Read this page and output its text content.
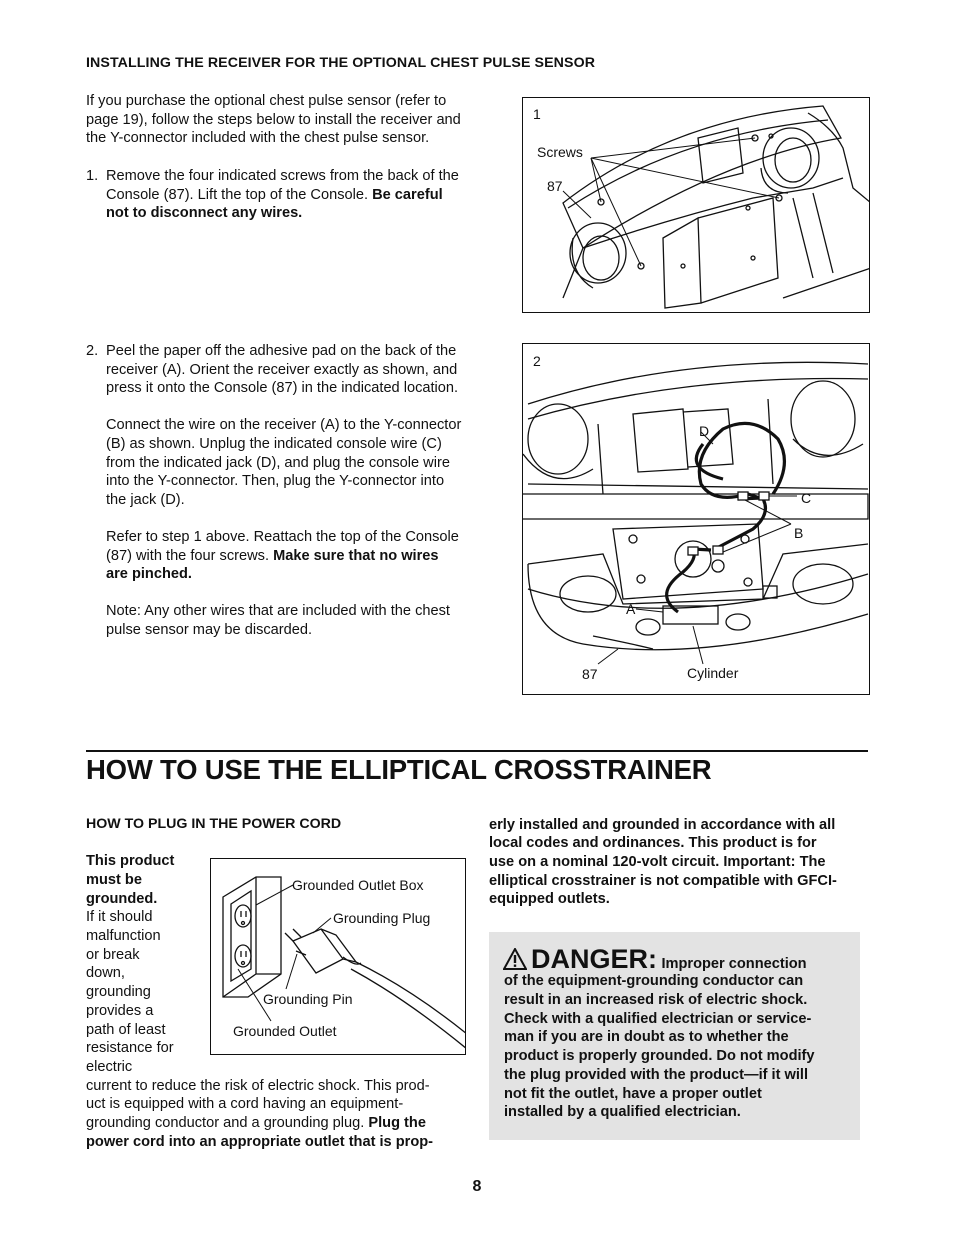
INSTALLING THE RECEIVER FOR THE OPTIONAL CHEST PULSE SENSOR
If you purchase the optional chest pulse sensor (refer to
page 19), follow the steps below to install the receiver and
the Y-connector included with the chest pulse sensor.
1. Remove the four indicated screws from the back of the
Console (87). Lift the top of the Console. Be careful
not to disconnect any wires.
2. Peel the paper off the adhesive pad on the back of the
receiver (A). Orient the receiver exactly as shown, and
press it onto the Console (87) in the indicated location.
Connect the wire on the receiver (A) to the Y-connector
(B) as shown. Unplug the indicated console wire (C)
from the indicated jack (D), and plug the console wire
into the Y-connector. Then, plug the Y-connector into
the jack (D).
Refer to step 1 above. Reattach the top of the Console
(87) with the four screws. Make sure that no wires
are pinched.
Note: Any other wires that are included with the chest
pulse sensor may be discarded.
1
Screws
87
2
D
C
B
A
87	Cylinder
HOW TO USE THE ELLIPTICAL CROSSTRAINER
HOW TO PLUG IN THE POWER CORD
This product
must be
grounded.
If it should
malfunction
or break
down,
grounding
provides a
path of least
resistance for
electric
current to reduce the risk of electric shock. This prod-
uct is equipped with a cord having an equipment-
grounding conductor and a grounding plug. Plug the
power cord into an appropriate outlet that is prop-
Grounded Outlet Box
Grounding Plug
Grounding Pin
Grounded Outlet
erly installed and grounded in accordance with all
local codes and ordinances. This product is for
use on a nominal 120-volt circuit. Important: The
elliptical crosstrainer is not compatible with GFCI-
equipped outlets.
DANGER: Improper connection
of the equipment-grounding conductor can
result in an increased risk of electric shock.
Check with a qualified electrician or service-
man if you are in doubt as to whether the
product is properly grounded. Do not modify
the plug provided with the product—if it will
not fit the outlet, have a proper outlet
installed by a qualified electrician.
8
